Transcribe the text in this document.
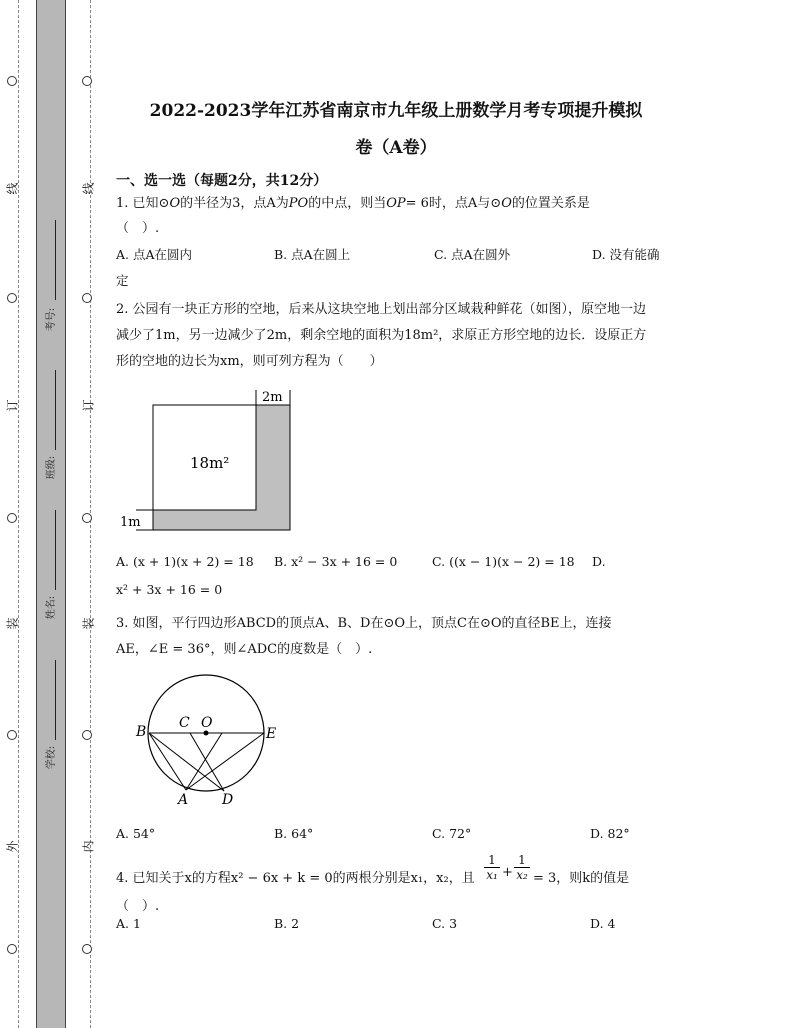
线
订
装
外
线
订
装
内
考号:
班级:
姓名:
学校:
2022-2023学年江苏省南京市九年级上册数学月考专项提升模拟
卷（A卷）
一、选一选（每题2分，共12分）
1. 已知⊙O的半径为3，点A为PO的中点，则当OP= 6时，点A与⊙O的位置关系是
（　）.
A. 点A在圆内	B. 点A在圆上	C. 点A在圆外	D. 没有能确
定
2. 公园有一块正方形的空地，后来从这块空地上划出部分区域栽种鲜花（如图），原空地一边
减少了1m，另一边减少了2m，剩余空地的面积为18m²，求原正方形空地的边长．设原正方
形的空地的边长为xm，则可列方程为（　　）
18m²
2m
1m
A. (x + 1)(x + 2) = 18 B. x² − 3x + 16 = 0	C. ((x − 1)(x − 2) = 18 D.
x² + 3x + 16 = 0
3. 如图，平行四边形ABCD的顶点A、B、D在⊙O上，顶点C在⊙O的直径BE上，连接
AE，∠E = 36°，则∠ADC的度数是（　）.
B
C O
E
A D
A. 54°	B. 64°	C. 72°	D. 82°
4. 已知关于x的方程x² − 6x + k = 0的两根分别是x₁，x₂，且
1
x₁ +
1
x₂ = 3，则k的值是
（　）.
A. 1	B. 2	C. 3	D. 4
